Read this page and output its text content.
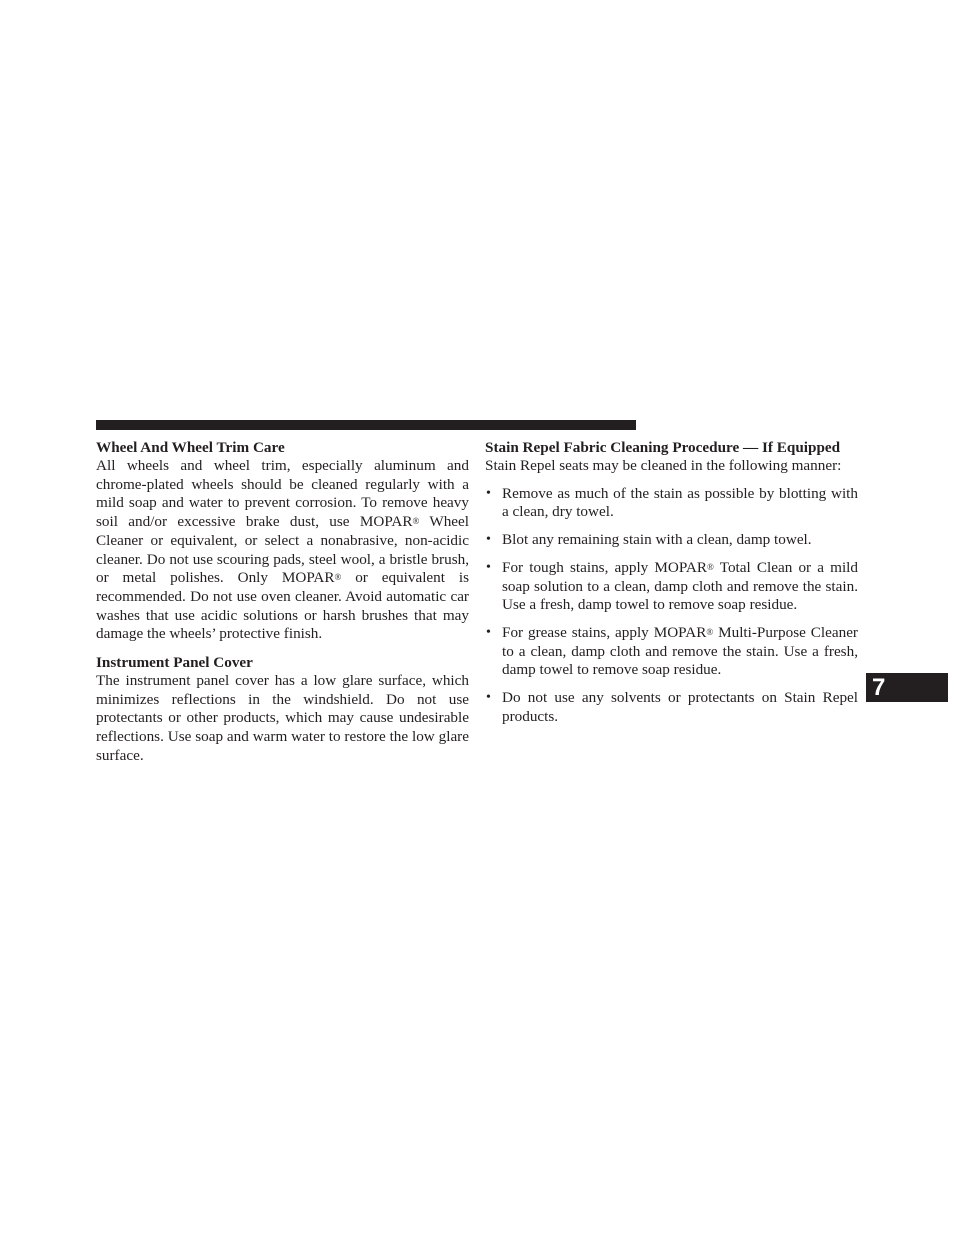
Wheel And Wheel Trim Care

All wheels and wheel trim, especially aluminum and chrome-plated wheels should be cleaned regularly with a mild soap and water to prevent corrosion. To remove heavy soil and/or excessive brake dust, use MOPAR® Wheel Cleaner or equivalent, or select a nonabrasive, non-acidic cleaner. Do not use scouring pads, steel wool, a bristle brush, or metal polishes. Only MOPAR® or equivalent is recommended. Do not use oven cleaner. Avoid automatic car washes that use acidic solutions or harsh brushes that may damage the wheels’ protective finish.

Instrument Panel Cover

The instrument panel cover has a low glare surface, which minimizes reflections in the windshield. Do not use protectants or other products, which may cause undesirable reflections. Use soap and warm water to restore the low glare surface.

Stain Repel Fabric Cleaning Procedure — If Equipped

Stain Repel seats may be cleaned in the following manner:

• Remove as much of the stain as possible by blotting with a clean, dry towel.
• Blot any remaining stain with a clean, damp towel.
• For tough stains, apply MOPAR® Total Clean or a mild soap solution to a clean, damp cloth and remove the stain. Use a fresh, damp towel to remove soap residue.
• For grease stains, apply MOPAR® Multi-Purpose Cleaner to a clean, damp cloth and remove the stain. Use a fresh, damp towel to remove soap residue.
• Do not use any solvents or protectants on Stain Repel products.
7
